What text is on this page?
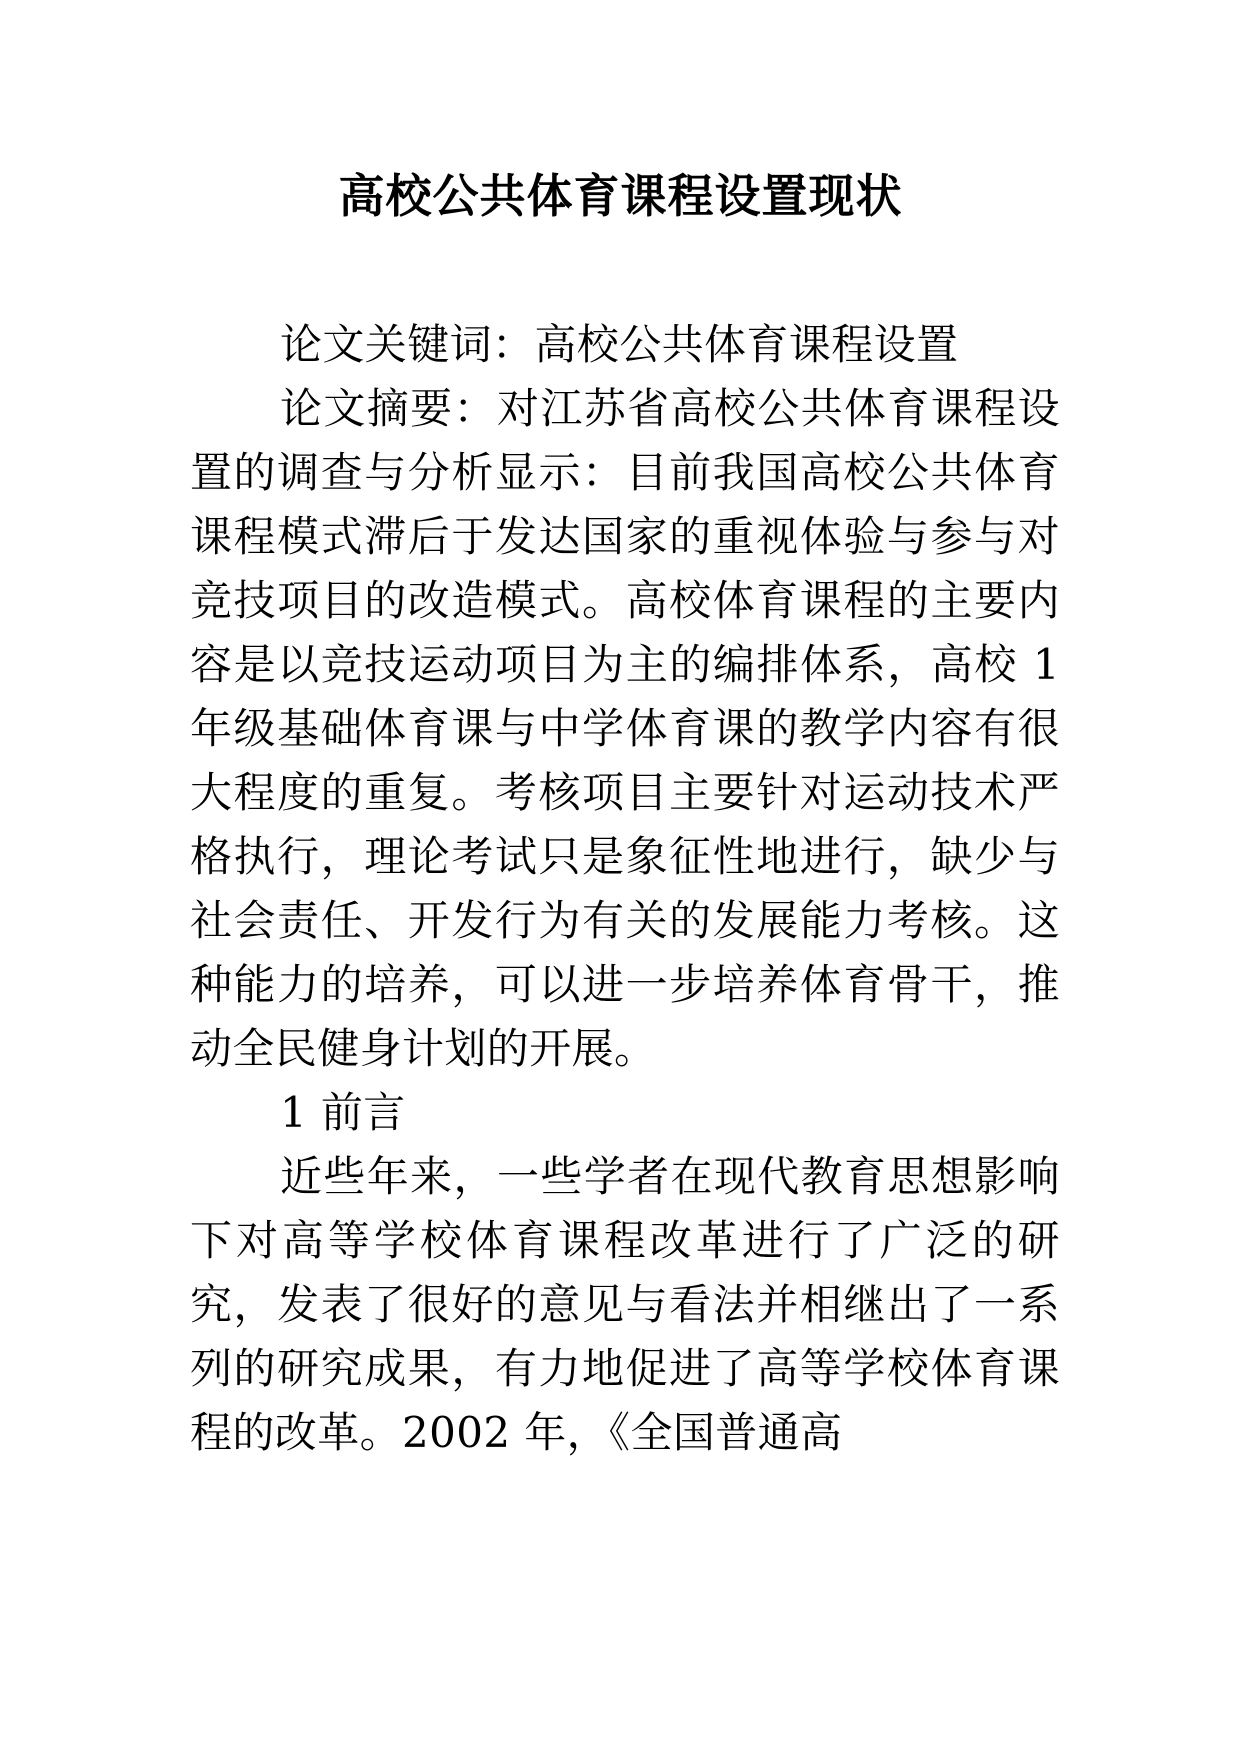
高校公共体育课程设置现状

论文关键词：高校公共体育课程设置

论文摘要：对江苏省高校公共体育课程设置的调查与分析显示：目前我国高校公共体育课程模式滞后于发达国家的重视体验与参与对竞技项目的改造模式。高校体育课程的主要内容是以竞技运动项目为主的编排体系，高校 1 年级基础体育课与中学体育课的教学内容有很大程度的重复。考核项目主要针对运动技术严格执行，理论考试只是象征性地进行，缺少与社会责任、开发行为有关的发展能力考核。这种能力的培养，可以进一步培养体育骨干，推动全民健身计划的开展。

1 前言

近些年来，一些学者在现代教育思想影响下对高等学校体育课程改革进行了广泛的研究，发表了很好的意见与看法并相继出了一系列的研究成果，有力地促进了高等学校体育课程的改革。2002 年，《全国普通高
